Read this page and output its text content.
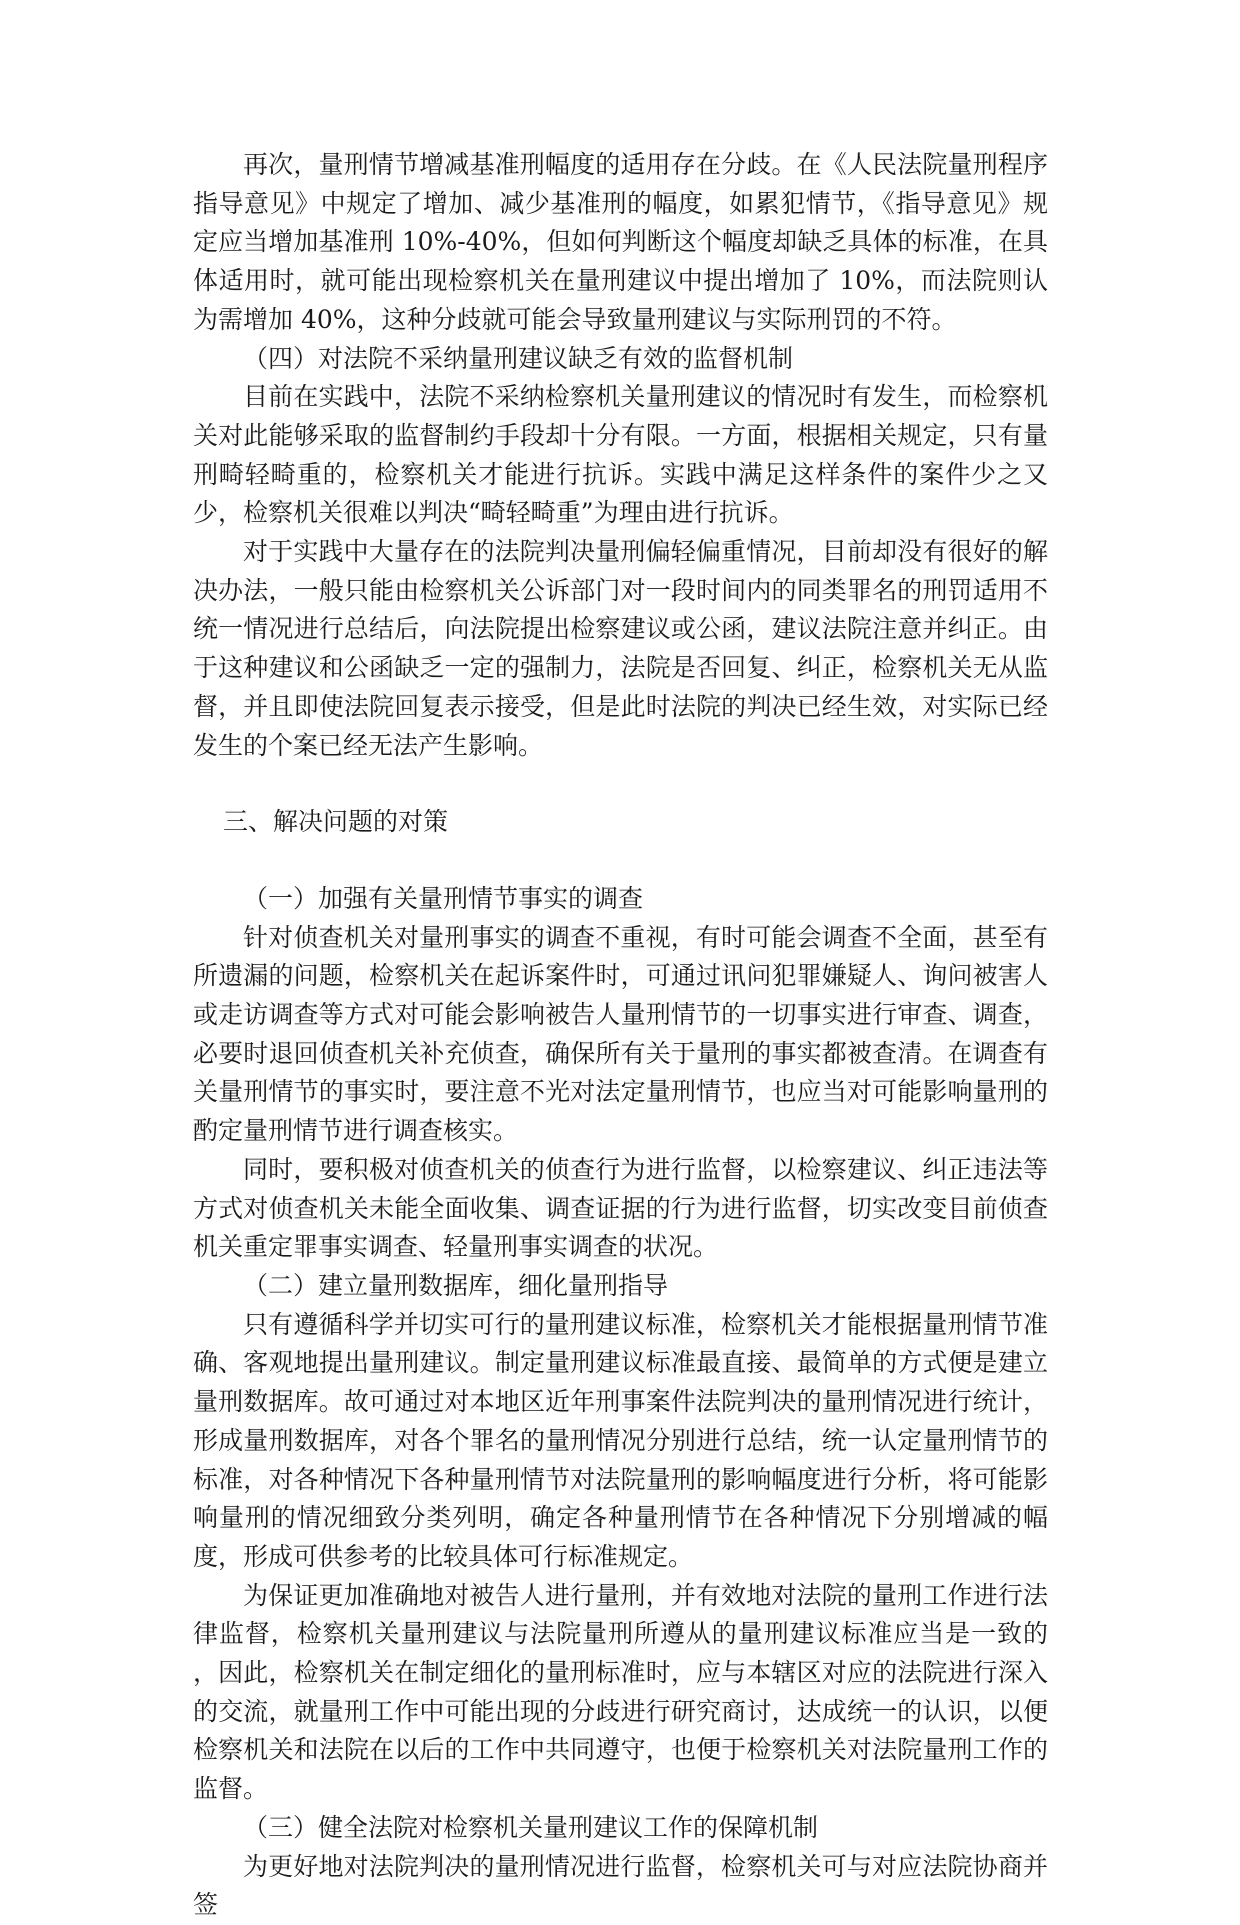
再次，量刑情节增减基准刑幅度的适用存在分歧。在《人民法院量刑程序指导意见》中规定了增加、减少基准刑的幅度，如累犯情节，《指导意见》规定应当增加基准刑 10%-40%，但如何判断这个幅度却缺乏具体的标准，在具体适用时，就可能出现检察机关在量刑建议中提出增加了 10%，而法院则认为需增加 40%，这种分歧就可能会导致量刑建议与实际刑罚的不符。

（四）对法院不采纳量刑建议缺乏有效的监督机制

目前在实践中，法院不采纳检察机关量刑建议的情况时有发生，而检察机关对此能够采取的监督制约手段却十分有限。一方面，根据相关规定，只有量刑畸轻畸重的，检察机关才能进行抗诉。实践中满足这样条件的案件少之又少，检察机关很难以判决“畸轻畸重”为理由进行抗诉。

对于实践中大量存在的法院判决量刑偏轻偏重情况，目前却没有很好的解决办法，一般只能由检察机关公诉部门对一段时间内的同类罪名的刑罚适用不统一情况进行总结后，向法院提出检察建议或公函，建议法院注意并纠正。由于这种建议和公函缺乏一定的强制力，法院是否回复、纠正，检察机关无从监督，并且即使法院回复表示接受，但是此时法院的判决已经生效，对实际已经发生的个案已经无法产生影响。

三、解决问题的对策

（一）加强有关量刑情节事实的调查

针对侦查机关对量刑事实的调查不重视，有时可能会调查不全面，甚至有所遗漏的问题，检察机关在起诉案件时，可通过讯问犯罪嫌疑人、询问被害人或走访调查等方式对可能会影响被告人量刑情节的一切事实进行审查、调查，必要时退回侦查机关补充侦查，确保所有关于量刑的事实都被查清。在调查有关量刑情节的事实时，要注意不光对法定量刑情节，也应当对可能影响量刑的酌定量刑情节进行调查核实。

同时，要积极对侦查机关的侦查行为进行监督，以检察建议、纠正违法等方式对侦查机关未能全面收集、调查证据的行为进行监督，切实改变目前侦查机关重定罪事实调查、轻量刑事实调查的状况。

（二）建立量刑数据库，细化量刑指导

只有遵循科学并切实可行的量刑建议标准，检察机关才能根据量刑情节准确、客观地提出量刑建议。制定量刑建议标准最直接、最简单的方式便是建立量刑数据库。故可通过对本地区近年刑事案件法院判决的量刑情况进行统计，形成量刑数据库，对各个罪名的量刑情况分别进行总结，统一认定量刑情节的标准，对各种情况下各种量刑情节对法院量刑的影响幅度进行分析，将可能影响量刑的情况细致分类列明，确定各种量刑情节在各种情况下分别增减的幅度，形成可供参考的比较具体可行标准规定。

为保证更加准确地对被告人进行量刑，并有效地对法院的量刑工作进行法律监督，检察机关量刑建议与法院量刑所遵从的量刑建议标准应当是一致的 ，因此，检察机关在制定细化的量刑标准时，应与本辖区对应的法院进行深入的交流，就量刑工作中可能出现的分歧进行研究商讨，达成统一的认识，以便检察机关和法院在以后的工作中共同遵守，也便于检察机关对法院量刑工作的监督。

（三）健全法院对检察机关量刑建议工作的保障机制

为更好地对法院判决的量刑情况进行监督，检察机关可与对应法院协商并签
